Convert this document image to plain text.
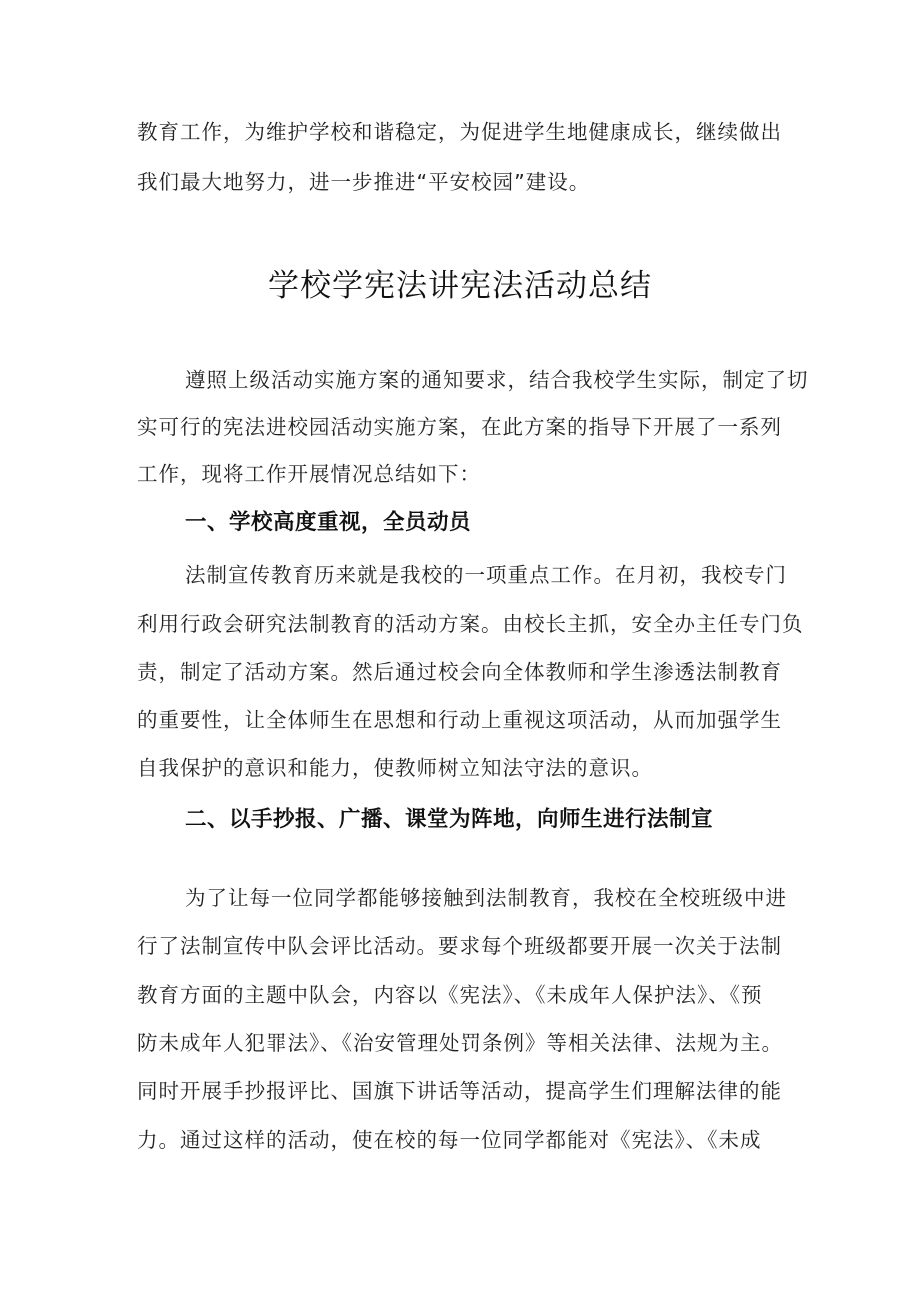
教育工作，为维护学校和谐稳定，为促进学生地健康成长，继续做出
我们最大地努力，进一步推进“平安校园”建设。
学校学宪法讲宪法活动总结
遵照上级活动实施方案的通知要求，结合我校学生实际，制定了切
实可行的宪法进校园活动实施方案，在此方案的指导下开展了一系列
工作，现将工作开展情况总结如下：
一、学校高度重视，全员动员
法制宣传教育历来就是我校的一项重点工作。在月初，我校专门
利用行政会研究法制教育的活动方案。由校长主抓，安全办主任专门负
责，制定了活动方案。然后通过校会向全体教师和学生渗透法制教育
的重要性，让全体师生在思想和行动上重视这项活动，从而加强学生
自我保护的意识和能力，使教师树立知法守法的意识。
二、以手抄报、广播、课堂为阵地，向师生进行法制宣
为了让每一位同学都能够接触到法制教育，我校在全校班级中进
行了法制宣传中队会评比活动。要求每个班级都要开展一次关于法制
教育方面的主题中队会，内容以《宪法》、《未成年人保护法》、《预
防未成年人犯罪法》、《治安管理处罚条例》等相关法律、法规为主。
同时开展手抄报评比、国旗下讲话等活动，提高学生们理解法律的能
力。通过这样的活动，使在校的每一位同学都能对《宪法》、《未成
